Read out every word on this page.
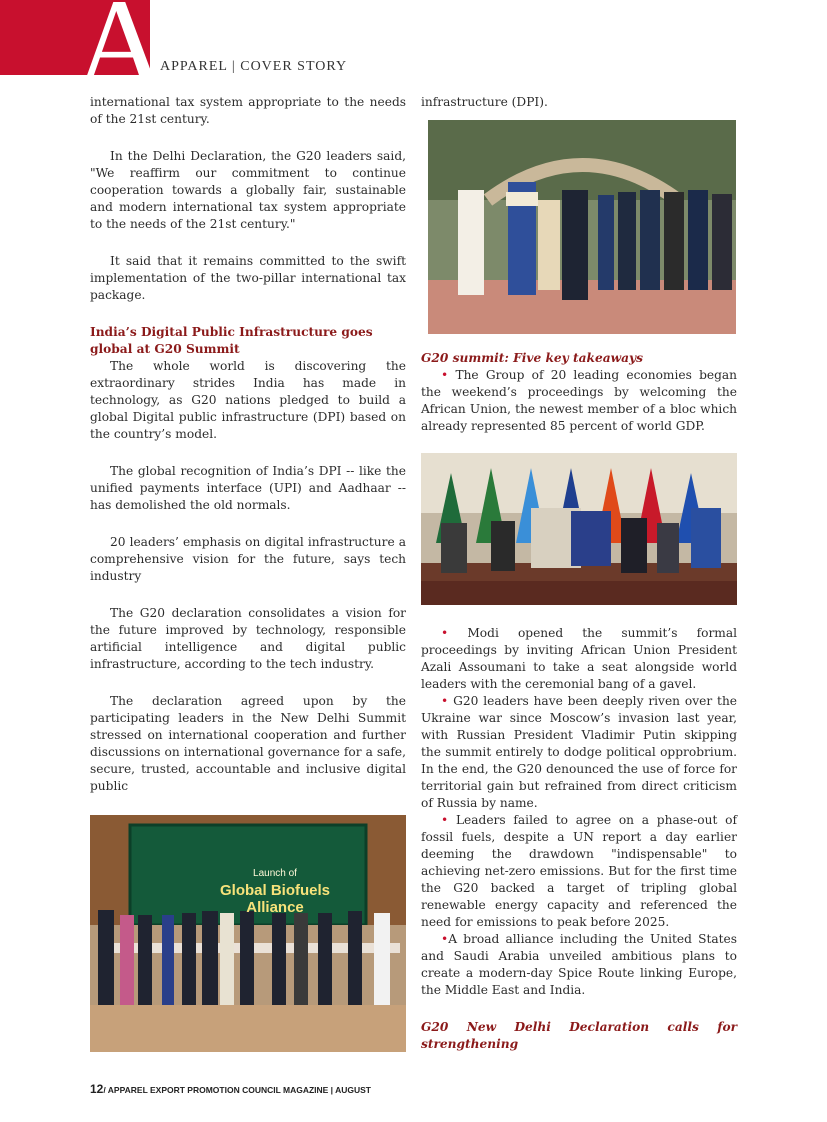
A
APPAREL | COVER STORY

international tax system appropriate to the needs of the 21st century.

In the Delhi Declaration, the G20 leaders said, "We reaffirm our commitment to continue cooperation towards a globally fair, sustainable and modern international tax system appropriate to the needs of the 21st century."

It said that it remains committed to the swift implementation of the two-pillar international tax package.

India’s Digital Public Infrastructure goes global at G20 Summit

The whole world is discovering the extraordinary strides India has made in technology, as G20 nations pledged to build a global Digital public infrastructure (DPI) based on the country’s model.

The global recognition of India’s DPI -- like the unified payments interface (UPI) and Aadhaar -- has demolished the old normals.

20 leaders’ emphasis on digital infrastructure a comprehensive vision for the future, says tech industry

The G20 declaration consolidates a vision for the future improved by technology, responsible artificial intelligence and digital public infrastructure, according to the tech industry.

The declaration agreed upon by the participating leaders in the New Delhi Summit stressed on international cooperation and further discussions on international governance for a safe, secure, trusted, accountable and inclusive digital public

Launch of
Global Biofuels Alliance

infrastructure (DPI).

G20 summit: Five key takeaways

• The Group of 20 leading economies began the weekend’s proceedings by welcoming the African Union, the newest member of a bloc which already represented 85 percent of world GDP.

• Modi opened the summit’s formal proceedings by inviting African Union President Azali Assoumani to take a seat alongside world leaders with the ceremonial bang of a gavel.

• G20 leaders have been deeply riven over the Ukraine war since Moscow’s invasion last year, with Russian President Vladimir Putin skipping the summit entirely to dodge political opprobrium. In the end, the G20 denounced the use of force for territorial gain but refrained from direct criticism of Russia by name.

• Leaders failed to agree on a phase-out of fossil fuels, despite a UN report a day earlier deeming the drawdown "indispensable" to achieving net-zero emissions. But for the first time the G20 backed a target of tripling global renewable energy capacity and referenced the need for emissions to peak before 2025.

•A broad alliance including the United States and Saudi Arabia unveiled ambitious plans to create a modern-day Spice Route linking Europe, the Middle East and India.

G20 New Delhi Declaration calls for strengthening

12/ APPAREL EXPORT PROMOTION COUNCIL MAGAZINE | AUGUST
